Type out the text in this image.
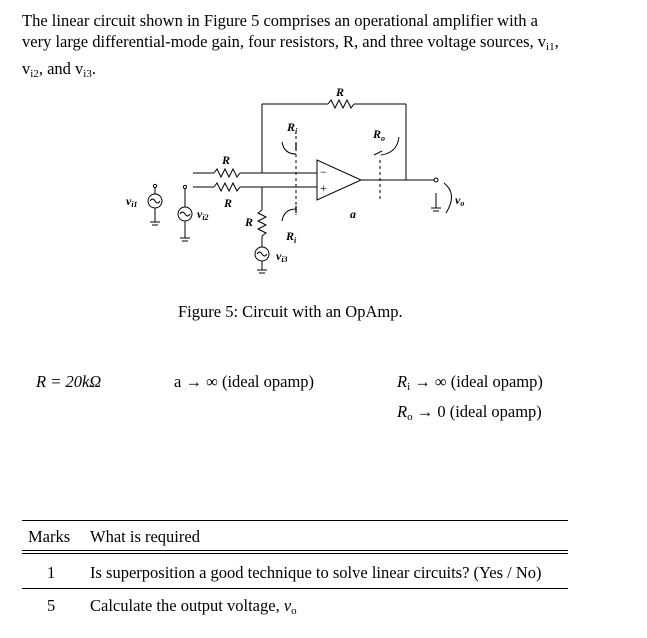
The linear circuit shown in Figure 5 comprises an operational amplifier with a
very large differential-mode gain, four resistors, R, and three voltage sources, $v_{i1}$,
$v_{i2}$, and $v_{i3}$.
R
$R_i$	$R_o$
R
R
R
vi1
vi2
vi3
$R_i$
a
vo
−
+
Figure 5: Circuit with an OpAmp.
R = 20kΩ	a → ∞ (ideal opamp)	$R_i$ → ∞ (ideal opamp)
$R_o \to 0$ (ideal opamp)
Marks What is required
1 Is superposition a good technique to solve linear circuits? (Yes / No)
5 Calculate the output voltage, $v_o$
